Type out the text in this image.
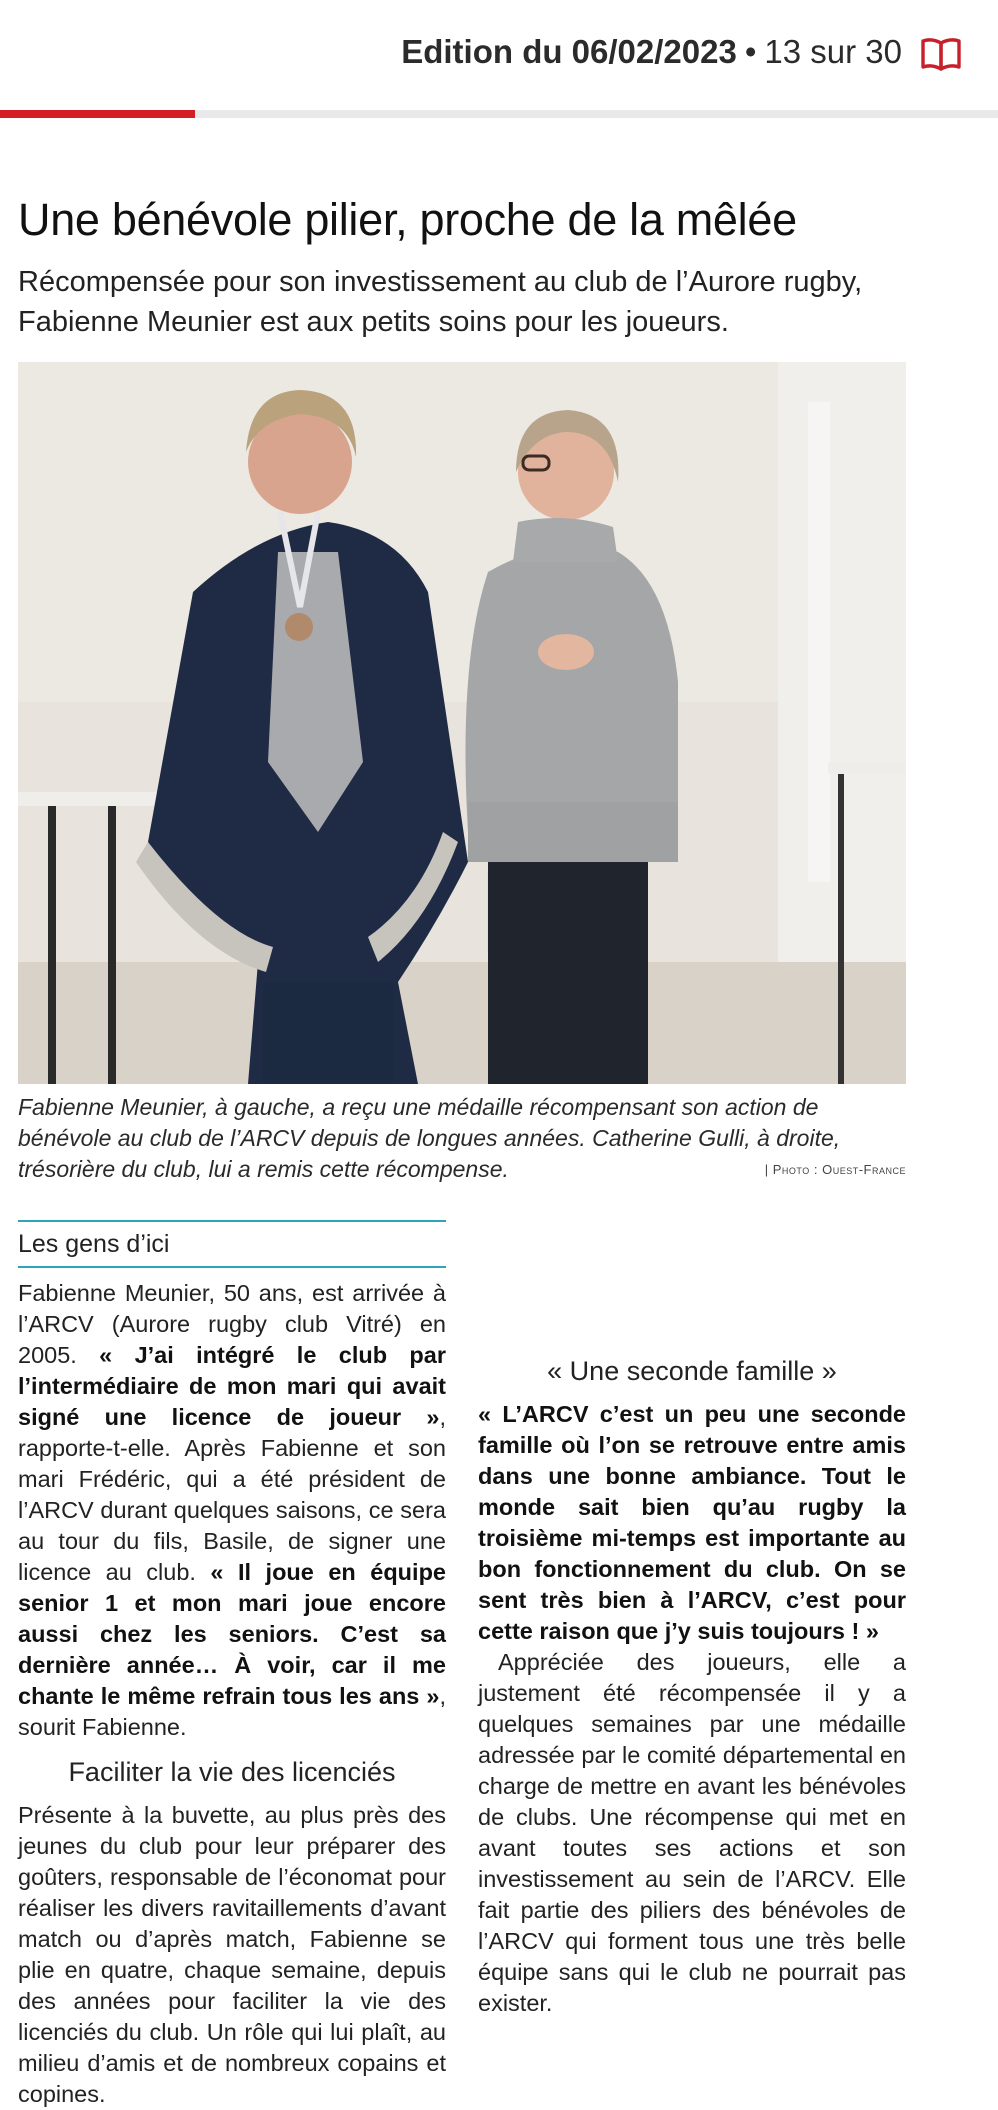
Edition du 06/02/2023 • 13 sur 30
Une bénévole pilier, proche de la mêlée

Récompensée pour son investissement au club de l’Aurore rugby, Fabienne Meunier est aux petits soins pour les joueurs.

Fabienne Meunier, à gauche, a reçu une médaille récompensant son action de bénévole au club de l’ARCV depuis de longues années. Catherine Gulli, à droite, trésorière du club, lui a remis cette récompense.	| Photo : Ouest-France
Les gens d’ici

Fabienne Meunier, 50 ans, est arrivée à l’ARCV (Aurore rugby club Vitré) en 2005. « J’ai intégré le club par l’intermédiaire de mon mari qui avait signé une licence de joueur », rapporte-t-elle. Après Fabienne et son mari Frédéric, qui a été président de l’ARCV durant quelques saisons, ce sera au tour du fils, Basile, de signer une licence au club. « Il joue en équipe senior 1 et mon mari joue encore aussi chez les seniors. C’est sa dernière année… À voir, car il me chante le même refrain tous les ans », sourit Fabienne.

Faciliter la vie des licenciés

Présente à la buvette, au plus près des jeunes du club pour leur préparer des goûters, responsable de l’économat pour réaliser les divers ravitaillements d’avant match ou d’après match, Fabienne se plie en quatre, chaque semaine, depuis des années pour faciliter la vie des licenciés du club. Un rôle qui lui plaît, au milieu d’amis et de nombreux copains et copines.

« Une seconde famille »

« L’ARCV c’est un peu une seconde famille où l’on se retrouve entre amis dans une bonne ambiance. Tout le monde sait bien qu’au rugby la troisième mi-temps est importante au bon fonctionnement du club. On se sent très bien à l’ARCV, c’est pour cette raison que j’y suis toujours ! »

Appréciée des joueurs, elle a justement été récompensée il y a quelques semaines par une médaille adressée par le comité départemental en charge de mettre en avant les bénévoles de clubs. Une récompense qui met en avant toutes ses actions et son investissement au sein de l’ARCV. Elle fait partie des piliers des bénévoles de l’ARCV qui forment tous une très belle équipe sans qui le club ne pourrait pas exister.
